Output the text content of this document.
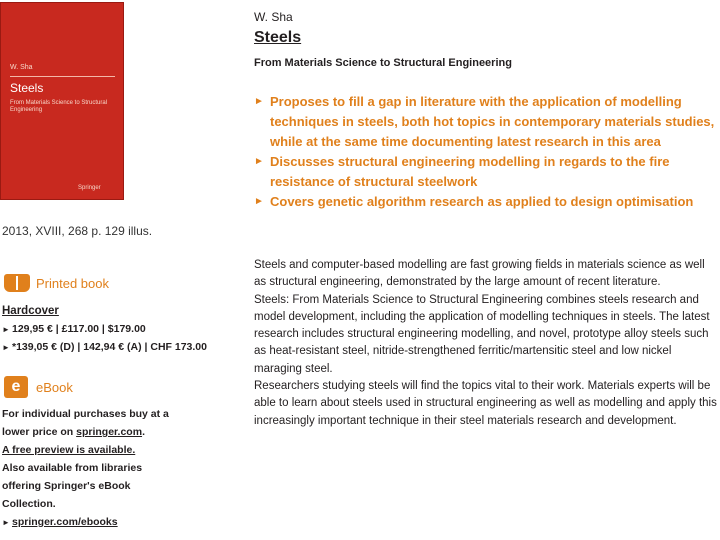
W. Sha
Steels
From Materials Science to Structural Engineering
Springer
2013, XVIII, 268 p. 129 illus.
Printed book
Hardcover
► 129,95 € | £117.00 | $179.00
► *139,05 € (D) | 142,94 € (A) | CHF 173.00
e	eBook
For individual purchases buy at a
lower price on springer.com.
A free preview is available.
Also available from libraries
offering Springer's eBook
Collection.
► springer.com/ebooks
W. Sha
Steels
From Materials Science to Structural Engineering
► Proposes to fill a gap in literature with the application of modelling techniques in steels, both hot topics in contemporary materials studies, while at the same time documenting latest research in this area
► Discusses structural engineering modelling in regards to the fire resistance of structural steelwork
► Covers genetic algorithm research as applied to design optimisation

Steels and computer-based modelling are fast growing fields in materials science as well as structural engineering, demonstrated by the large amount of recent literature.

Steels: From Materials Science to Structural Engineering combines steels research and model development, including the application of modelling techniques in steels. The latest research includes structural engineering modelling, and novel, prototype alloy steels such as heat-resistant steel, nitride-strengthened ferritic/martensitic steel and low nickel maraging steel.

Researchers studying steels will find the topics vital to their work. Materials experts will be able to learn about steels used in structural engineering as well as modelling and apply this increasingly important technique in their steel materials research and development.
